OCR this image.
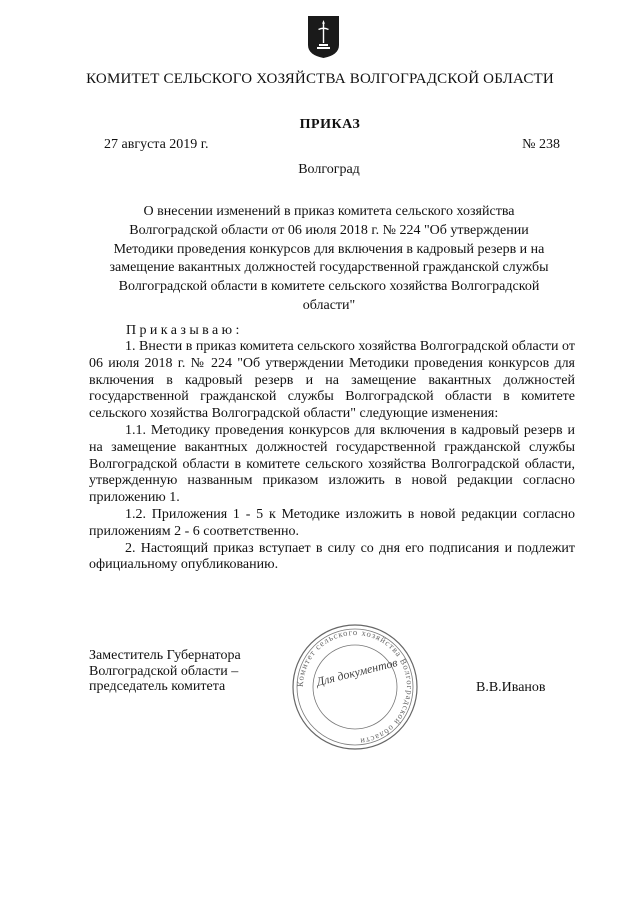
КОМИТЕТ СЕЛЬСКОГО ХОЗЯЙСТВА ВОЛГОГРАДСКОЙ ОБЛАСТИ
ПРИКАЗ
27 августа 2019 г.	№ 238
Волгоград
О внесении изменений в приказ комитета сельского хозяйства
Волгоградской области от 06 июля 2018 г. № 224 "Об утверждении
Методики проведения конкурсов для включения в кадровый резерв и на
замещение вакантных должностей государственной гражданской службы
Волгоградской области в комитете сельского хозяйства Волгоградской
области"
Приказываю:

1. Внести в приказ комитета сельского хозяйства Волгоградской области от 06 июля 2018 г. № 224 "Об утверждении Методики проведения конкурсов для включения в кадровый резерв и на замещение вакантных должностей государственной гражданской службы Волгоградской области в комитете сельского хозяйства Волгоградской области" следующие изменения:

1.1. Методику проведения конкурсов для включения в кадровый резерв и на замещение вакантных должностей государственной гражданской службы Волгоградской области в комитете сельского хозяйства Волгоградской области, утвержденную названным приказом изложить в новой редакции согласно приложению 1.

1.2. Приложения 1 - 5 к Методике изложить в новой редакции согласно приложениям 2 - 6 соответственно.

2. Настоящий приказ вступает в силу со дня его подписания и подлежит официальному опубликованию.

Заместитель Губернатора
Волгоградской области –
председатель комитета	Комитет сельского хозяйства Волгоградской области
Для документов	В.В.Иванов
